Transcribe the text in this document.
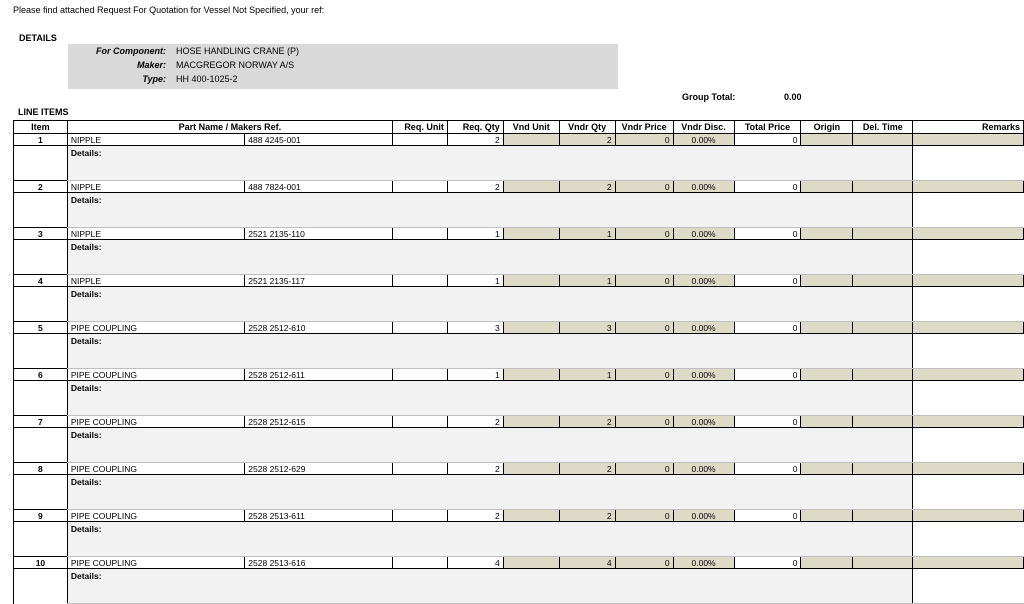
Please find attached Request For Quotation for Vessel Not Specified, your ref:
DETAILS
For Component: HOSE HANDLING CRANE (P)
Maker: MACGREGOR NORWAY A/S
Type: HH 400-1025-2
Group Total:	0.00
LINE ITEMS
Item	Part Name / Makers Ref.		Req. Unit	Req. Qty	Vnd Unit	Vndr Qty	Vndr Price	Vndr Disc.	Total Price	Origin	Del. Time	Remarks
1	NIPPLE	488 4245-001		2		2	0	0.00%	0			
	Details:											
2	NIPPLE	488 7824-001		2		2	0	0.00%	0			
	Details:											
3	NIPPLE	2521 2135-110		1		1	0	0.00%	0			
	Details:											
4	NIPPLE	2521 2135-117		1		1	0	0.00%	0			
	Details:											
5	PIPE COUPLING	2528 2512-610		3		3	0	0.00%	0			
	Details:											
6	PIPE COUPLING	2528 2512-611		1		1	0	0.00%	0			
	Details:											
7	PIPE COUPLING	2528 2512-615		2		2	0	0.00%	0			
	Details:											
8	PIPE COUPLING	2528 2512-629		2		2	0	0.00%	0			
	Details:											
9	PIPE COUPLING	2528 2513-611		2		2	0	0.00%	0			
	Details:											
10	PIPE COUPLING	2528 2513-616		4		4	0	0.00%	0			
	Details:											
